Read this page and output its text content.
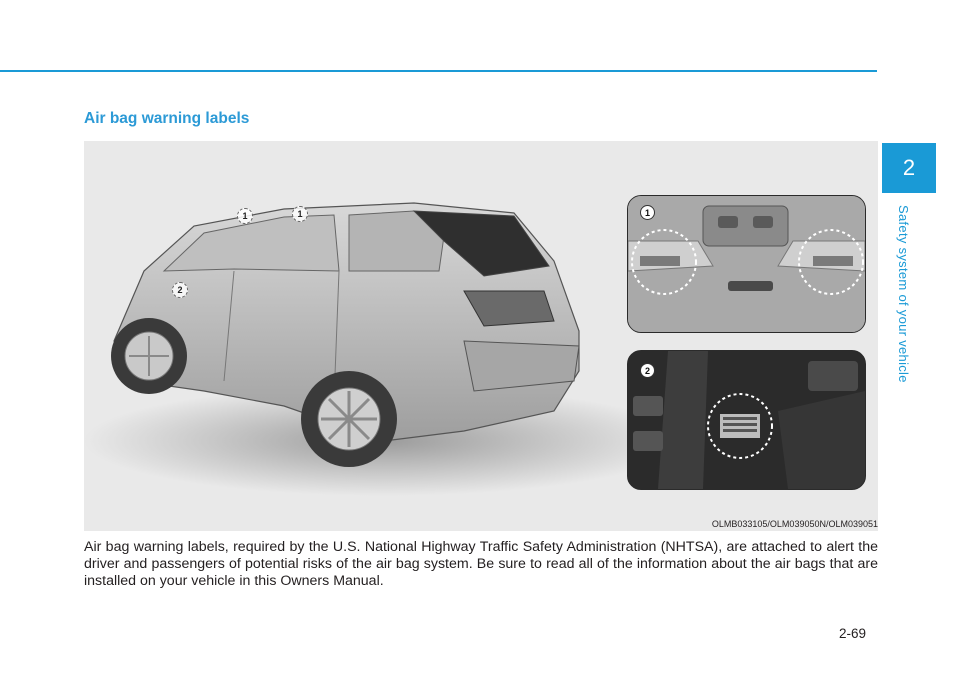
Air bag warning labels
2
Safety system of your vehicle
1	1
2
1
2
OLMB033105/OLM039050N/OLM039051

Air bag warning labels, required by the U.S. National Highway Traffic Safety Administration (NHTSA), are attached to alert the driver and passengers of potential risks of the air bag system. Be sure to read all of the information about the air bags that are installed on your vehicle in this Owners Manual.

2-69
